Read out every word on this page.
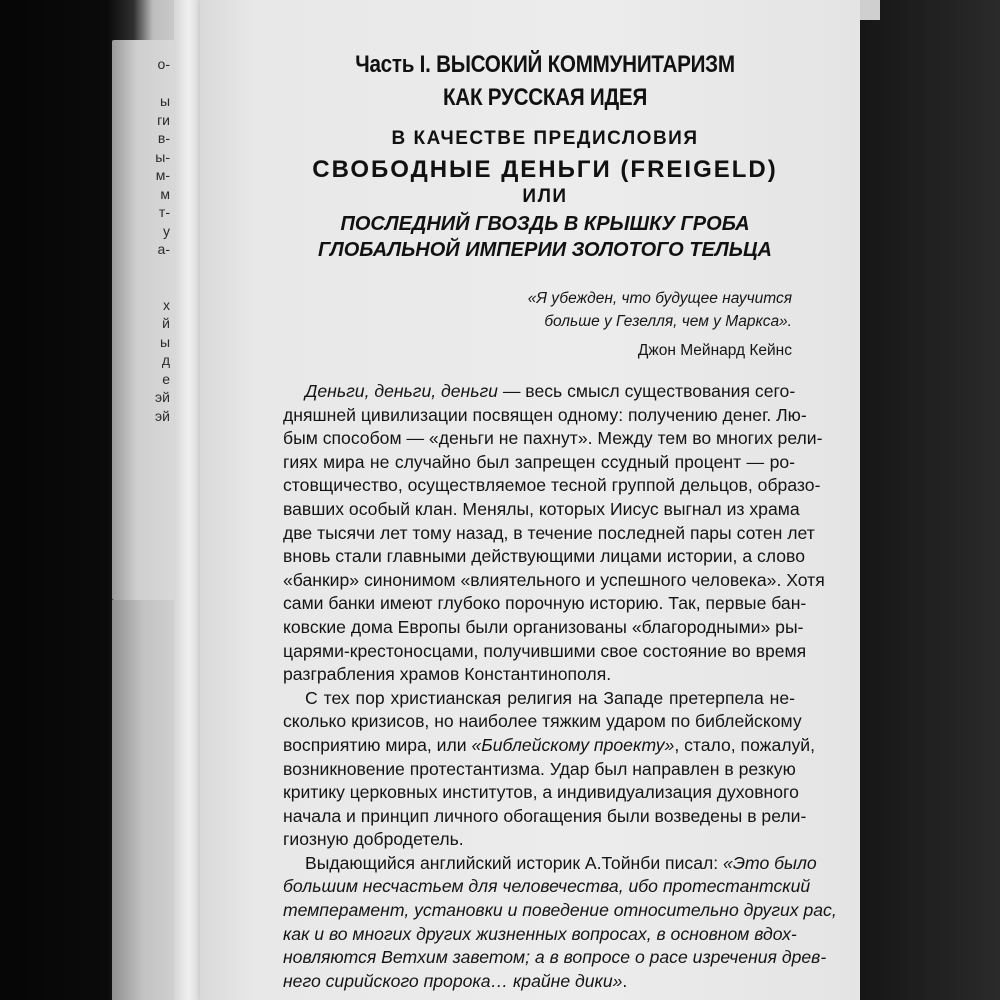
о-

ы
ги
в-
ы-
м-
м
т-
у
а-

х
й
ы
д
е
эй
эй
Часть I. ВЫСОКИЙ КОММУНИТАРИЗМ
КАК РУССКАЯ ИДЕЯ
В КАЧЕСТВЕ ПРЕДИСЛОВИЯ
СВОБОДНЫЕ ДЕНЬГИ (FREIGELD)
ИЛИ
ПОСЛЕДНИЙ ГВОЗДЬ В КРЫШКУ ГРОБА
ГЛОБАЛЬНОЙ ИМПЕРИИ ЗОЛОТОГО ТЕЛЬЦА
«Я убежден, что будущее научится
больше у Гезелля, чем у Маркса».
Джон Мейнард Кейнс
Деньги, деньги, деньги — весь смысл существования сего-
дняшней цивилизации посвящен одному: получению денег. Лю-
бым способом — «деньги не пахнут». Между тем во многих рели-
гиях мира не случайно был запрещен ссудный процент — ро-
стовщичество, осуществляемое тесной группой дельцов, образо-
вавших особый клан. Менялы, которых Иисус выгнал из храма
две тысячи лет тому назад, в течение последней пары сотен лет
вновь стали главными действующими лицами истории, а слово
«банкир» синонимом «влиятельного и успешного человека». Хотя
сами банки имеют глубоко порочную историю. Так, первые бан-
ковские дома Европы были организованы «благородными» ры-
царями-крестоносцами, получившими свое состояние во время
разграбления храмов Константинополя.
С тех пор христианская религия на Западе претерпела не-
сколько кризисов, но наиболее тяжким ударом по библейскому
восприятию мира, или «Библейскому проекту», стало, пожалуй,
возникновение протестантизма. Удар был направлен в резкую
критику церковных институтов, а индивидуализация духовного
начала и принцип личного обогащения были возведены в рели-
гиозную добродетель.
Выдающийся английский историк А.Тойнби писал: «Это было
большим несчастьем для человечества, ибо протестантский
темперамент, установки и поведение относительно других рас,
как и во многих других жизненных вопросах, в основном вдох-
новляются Ветхим заветом; а в вопросе о расе изречения древ-
него сирийского пророка… крайне дики».
